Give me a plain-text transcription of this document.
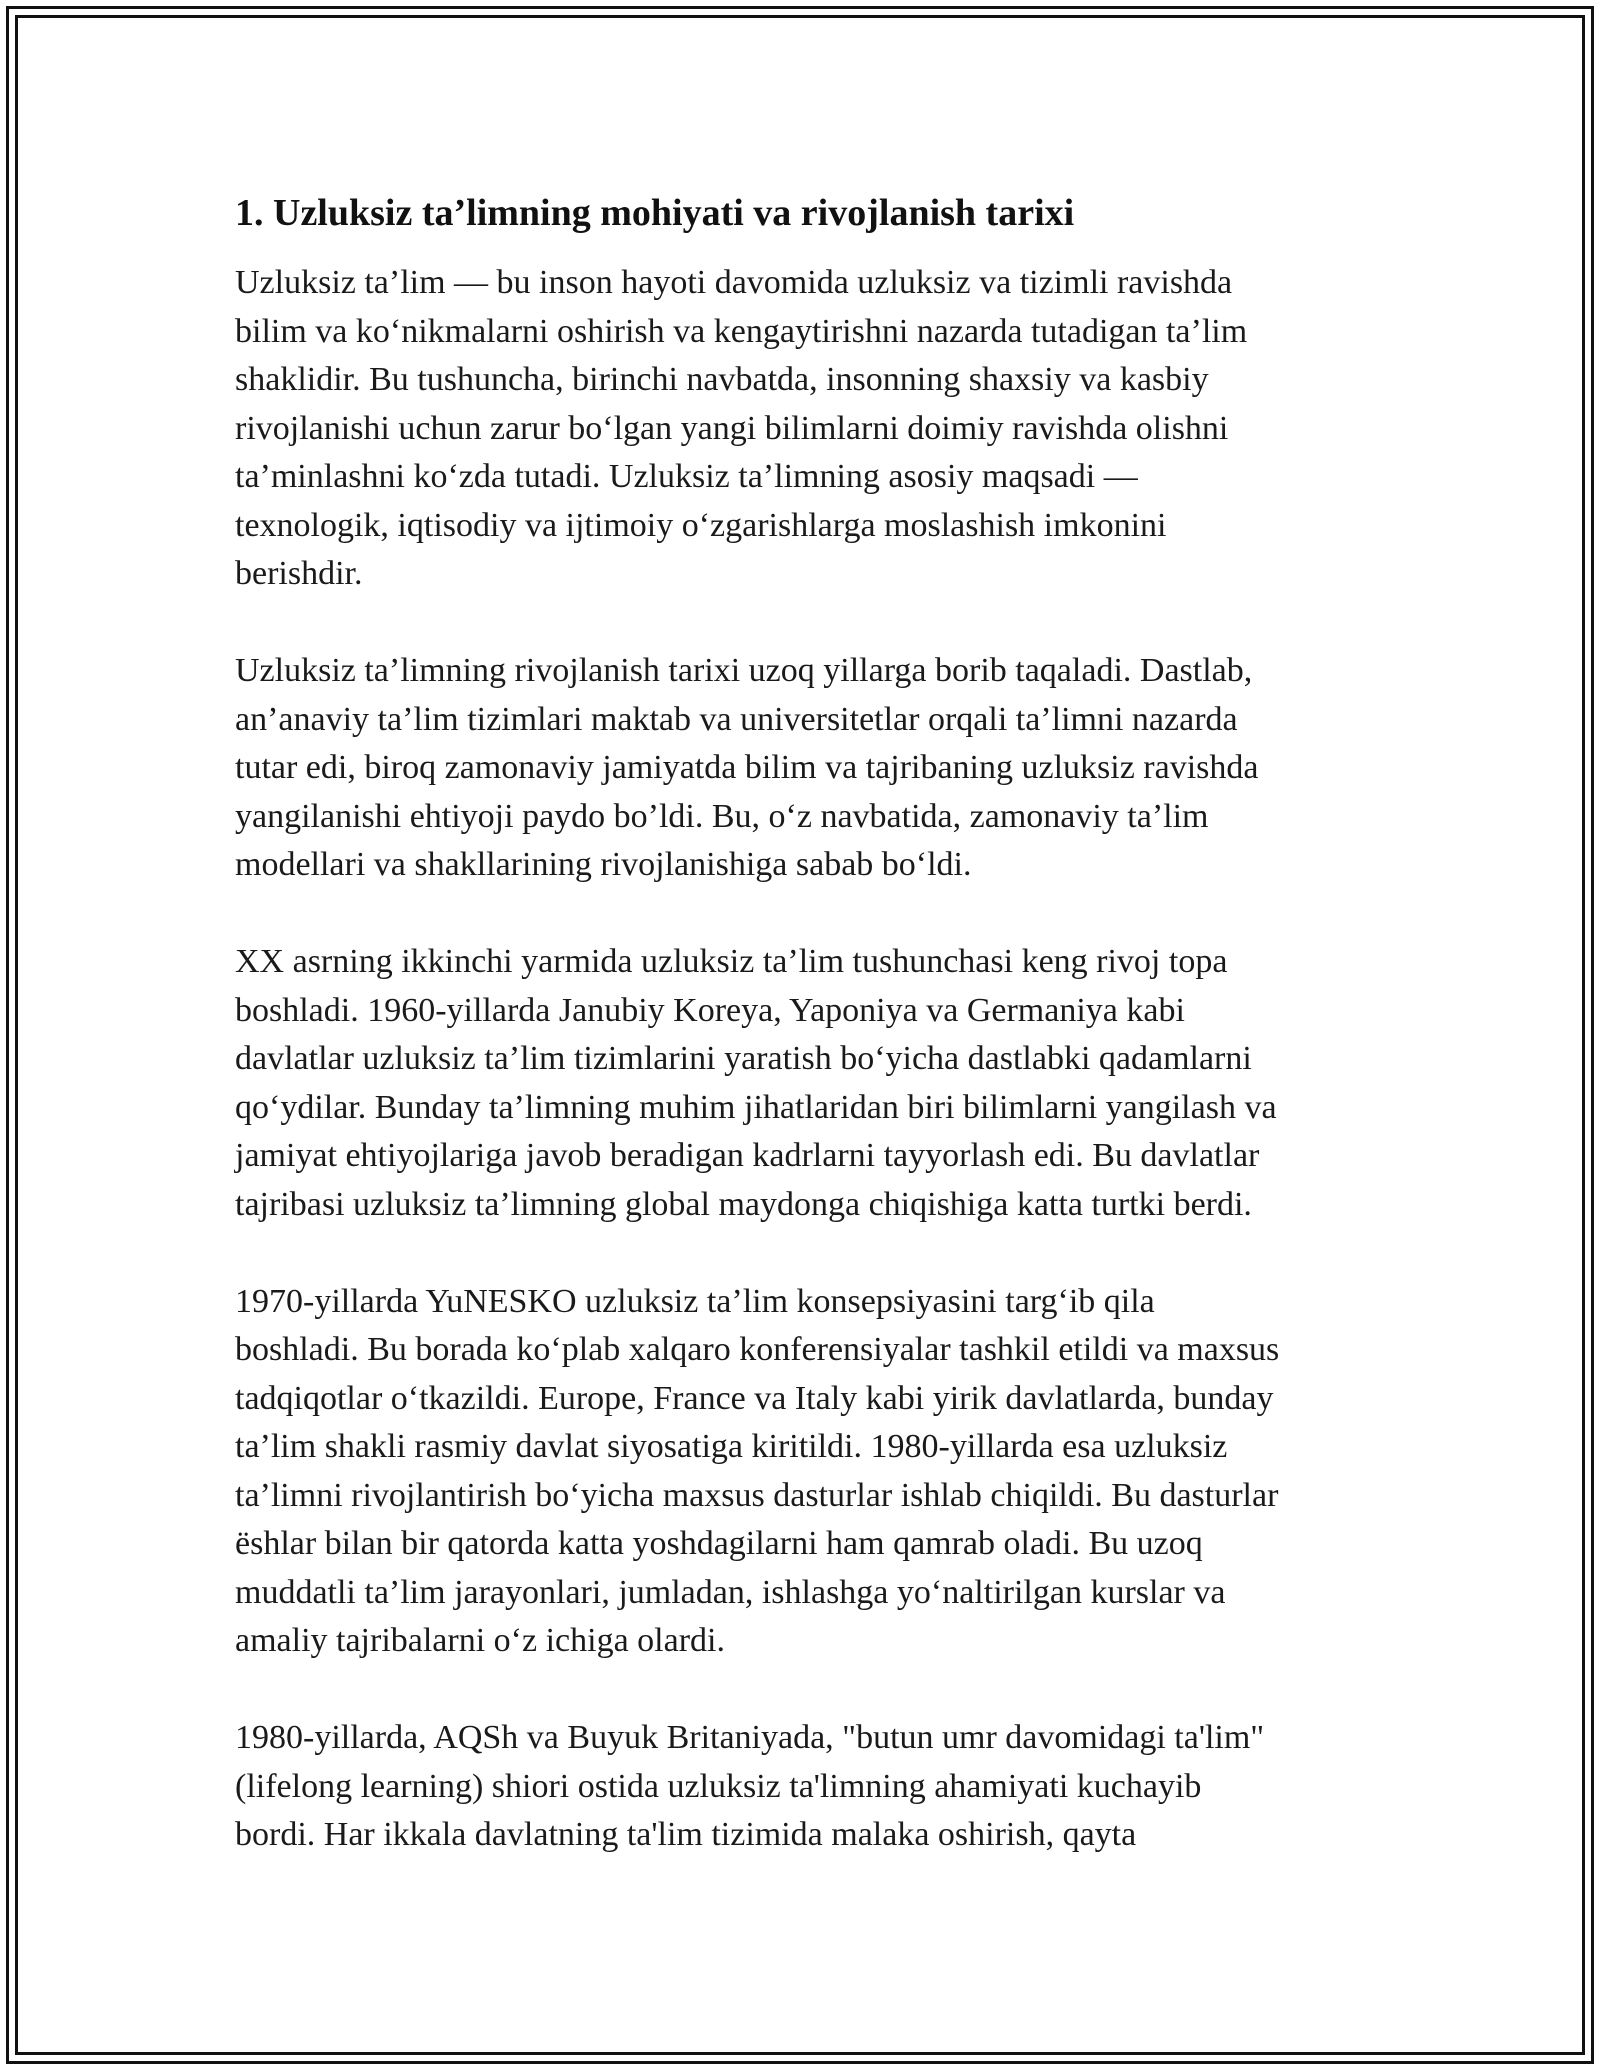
1. Uzluksiz ta’limning mohiyati va rivojlanish tarixi

Uzluksiz ta’lim — bu inson hayoti davomida uzluksiz va tizimli ravishda
bilim va ko‘nikmalarni oshirish va kengaytirishni nazarda tutadigan ta’lim
shaklidir. Bu tushuncha, birinchi navbatda, insonning shaxsiy va kasbiy
rivojlanishi uchun zarur bo‘lgan yangi bilimlarni doimiy ravishda olishni
ta’minlashni ko‘zda tutadi. Uzluksiz ta’limning asosiy maqsadi —
texnologik, iqtisodiy va ijtimoiy o‘zgarishlarga moslashish imkonini
berishdir.

Uzluksiz ta’limning rivojlanish tarixi uzoq yillarga borib taqaladi. Dastlab,
an’anaviy ta’lim tizimlari maktab va universitetlar orqali ta’limni nazarda
tutar edi, biroq zamonaviy jamiyatda bilim va tajribaning uzluksiz ravishda
yangilanishi ehtiyoji paydo bo’ldi. Bu, o‘z navbatida, zamonaviy ta’lim
modellari va shakllarining rivojlanishiga sabab bo‘ldi.

XX asrning ikkinchi yarmida uzluksiz ta’lim tushunchasi keng rivoj topa
boshladi. 1960-yillarda Janubiy Koreya, Yaponiya va Germaniya kabi
davlatlar uzluksiz ta’lim tizimlarini yaratish bo‘yicha dastlabki qadamlarni
qo‘ydilar. Bunday ta’limning muhim jihatlaridan biri bilimlarni yangilash va
jamiyat ehtiyojlariga javob beradigan kadrlarni tayyorlash edi. Bu davlatlar
tajribasi uzluksiz ta’limning global maydonga chiqishiga katta turtki berdi.

1970-yillarda YuNESKO uzluksiz ta’lim konsepsiyasini targ‘ib qila
boshladi. Bu borada ko‘plab xalqaro konferensiyalar tashkil etildi va maxsus
tadqiqotlar o‘tkazildi. Europe, France va Italy kabi yirik davlatlarda, bunday
ta’lim shakli rasmiy davlat siyosatiga kiritildi. 1980-yillarda esa uzluksiz
ta’limni rivojlantirish bo‘yicha maxsus dasturlar ishlab chiqildi. Bu dasturlar
ёshlar bilan bir qatorda katta yoshdagilarni ham qamrab oladi. Bu uzoq
muddatli ta’lim jarayonlari, jumladan, ishlashga yo‘naltirilgan kurslar va
amaliy tajribalarni o‘z ichiga olardi.

1980-yillarda, AQSh va Buyuk Britaniyada, "butun umr davomidagi ta'lim"
(lifelong learning) shiori ostida uzluksiz ta'limning ahamiyati kuchayib
bordi. Har ikkala davlatning ta'lim tizimida malaka oshirish, qayta
